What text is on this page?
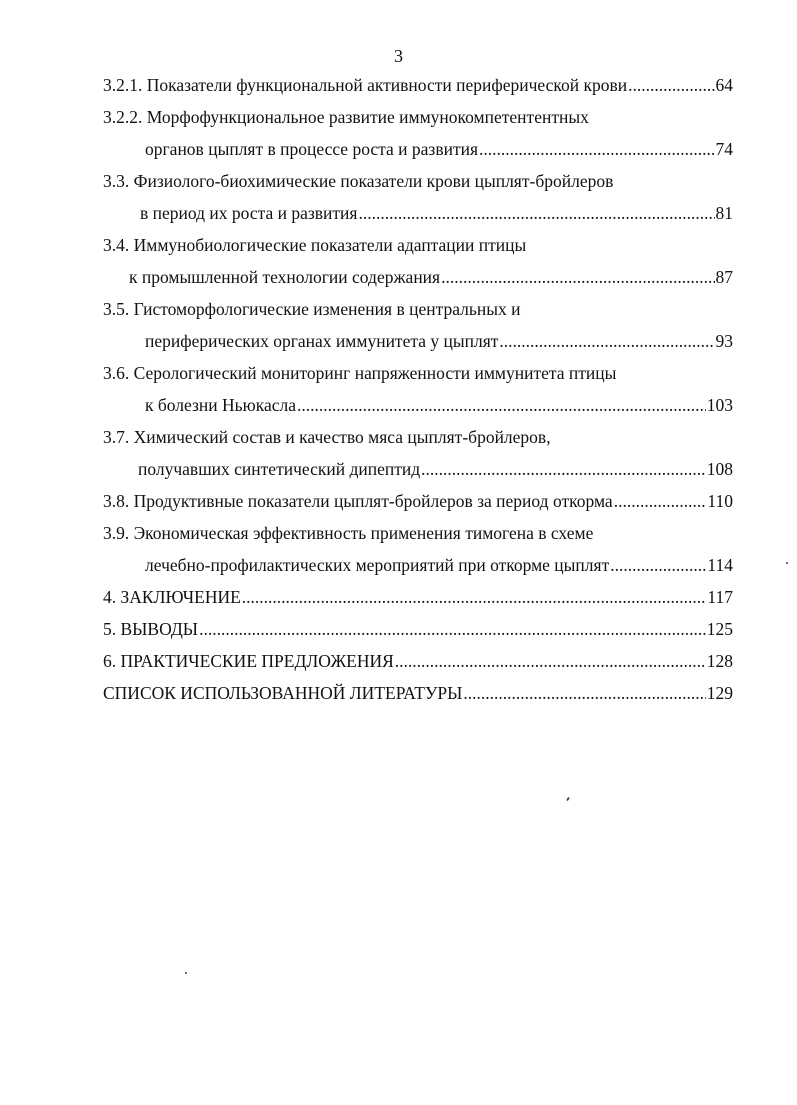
3
3.2.1. Показатели функциональной активности периферической крови .....	64
3.2.2. Морфофункциональное развитие иммунокомпетентентных
органов цыплят в процессе роста и развития .....	74
3.3. Физиолого-биохимические показатели крови цыплят-бройлеров
в период их роста и развития .....	81
3.4. Иммунобиологические показатели адаптации птицы
к промышленной технологии содержания .....	87
3.5. Гистоморфологические изменения в центральных и
периферических органах иммунитета у цыплят .....	93
3.6. Серологический мониторинг напряженности иммунитета птицы
к болезни Ньюкасла .....	103
3.7. Химический состав и качество мяса цыплят-бройлеров,
получавших синтетический дипептид .....	108
3.8. Продуктивные показатели цыплят-бройлеров за период откорма .....	110
3.9. Экономическая эффективность применения тимогена в схеме
лечебно-профилактических мероприятий при откорме цыплят .....	114
4. ЗАКЛЮЧЕНИЕ .....	117
5. ВЫВОДЫ .....	125
6. ПРАКТИЧЕСКИЕ ПРЕДЛОЖЕНИЯ .....	128
СПИСОК ИСПОЛЬЗОВАННОЙ ЛИТЕРАТУРЫ .....	129
